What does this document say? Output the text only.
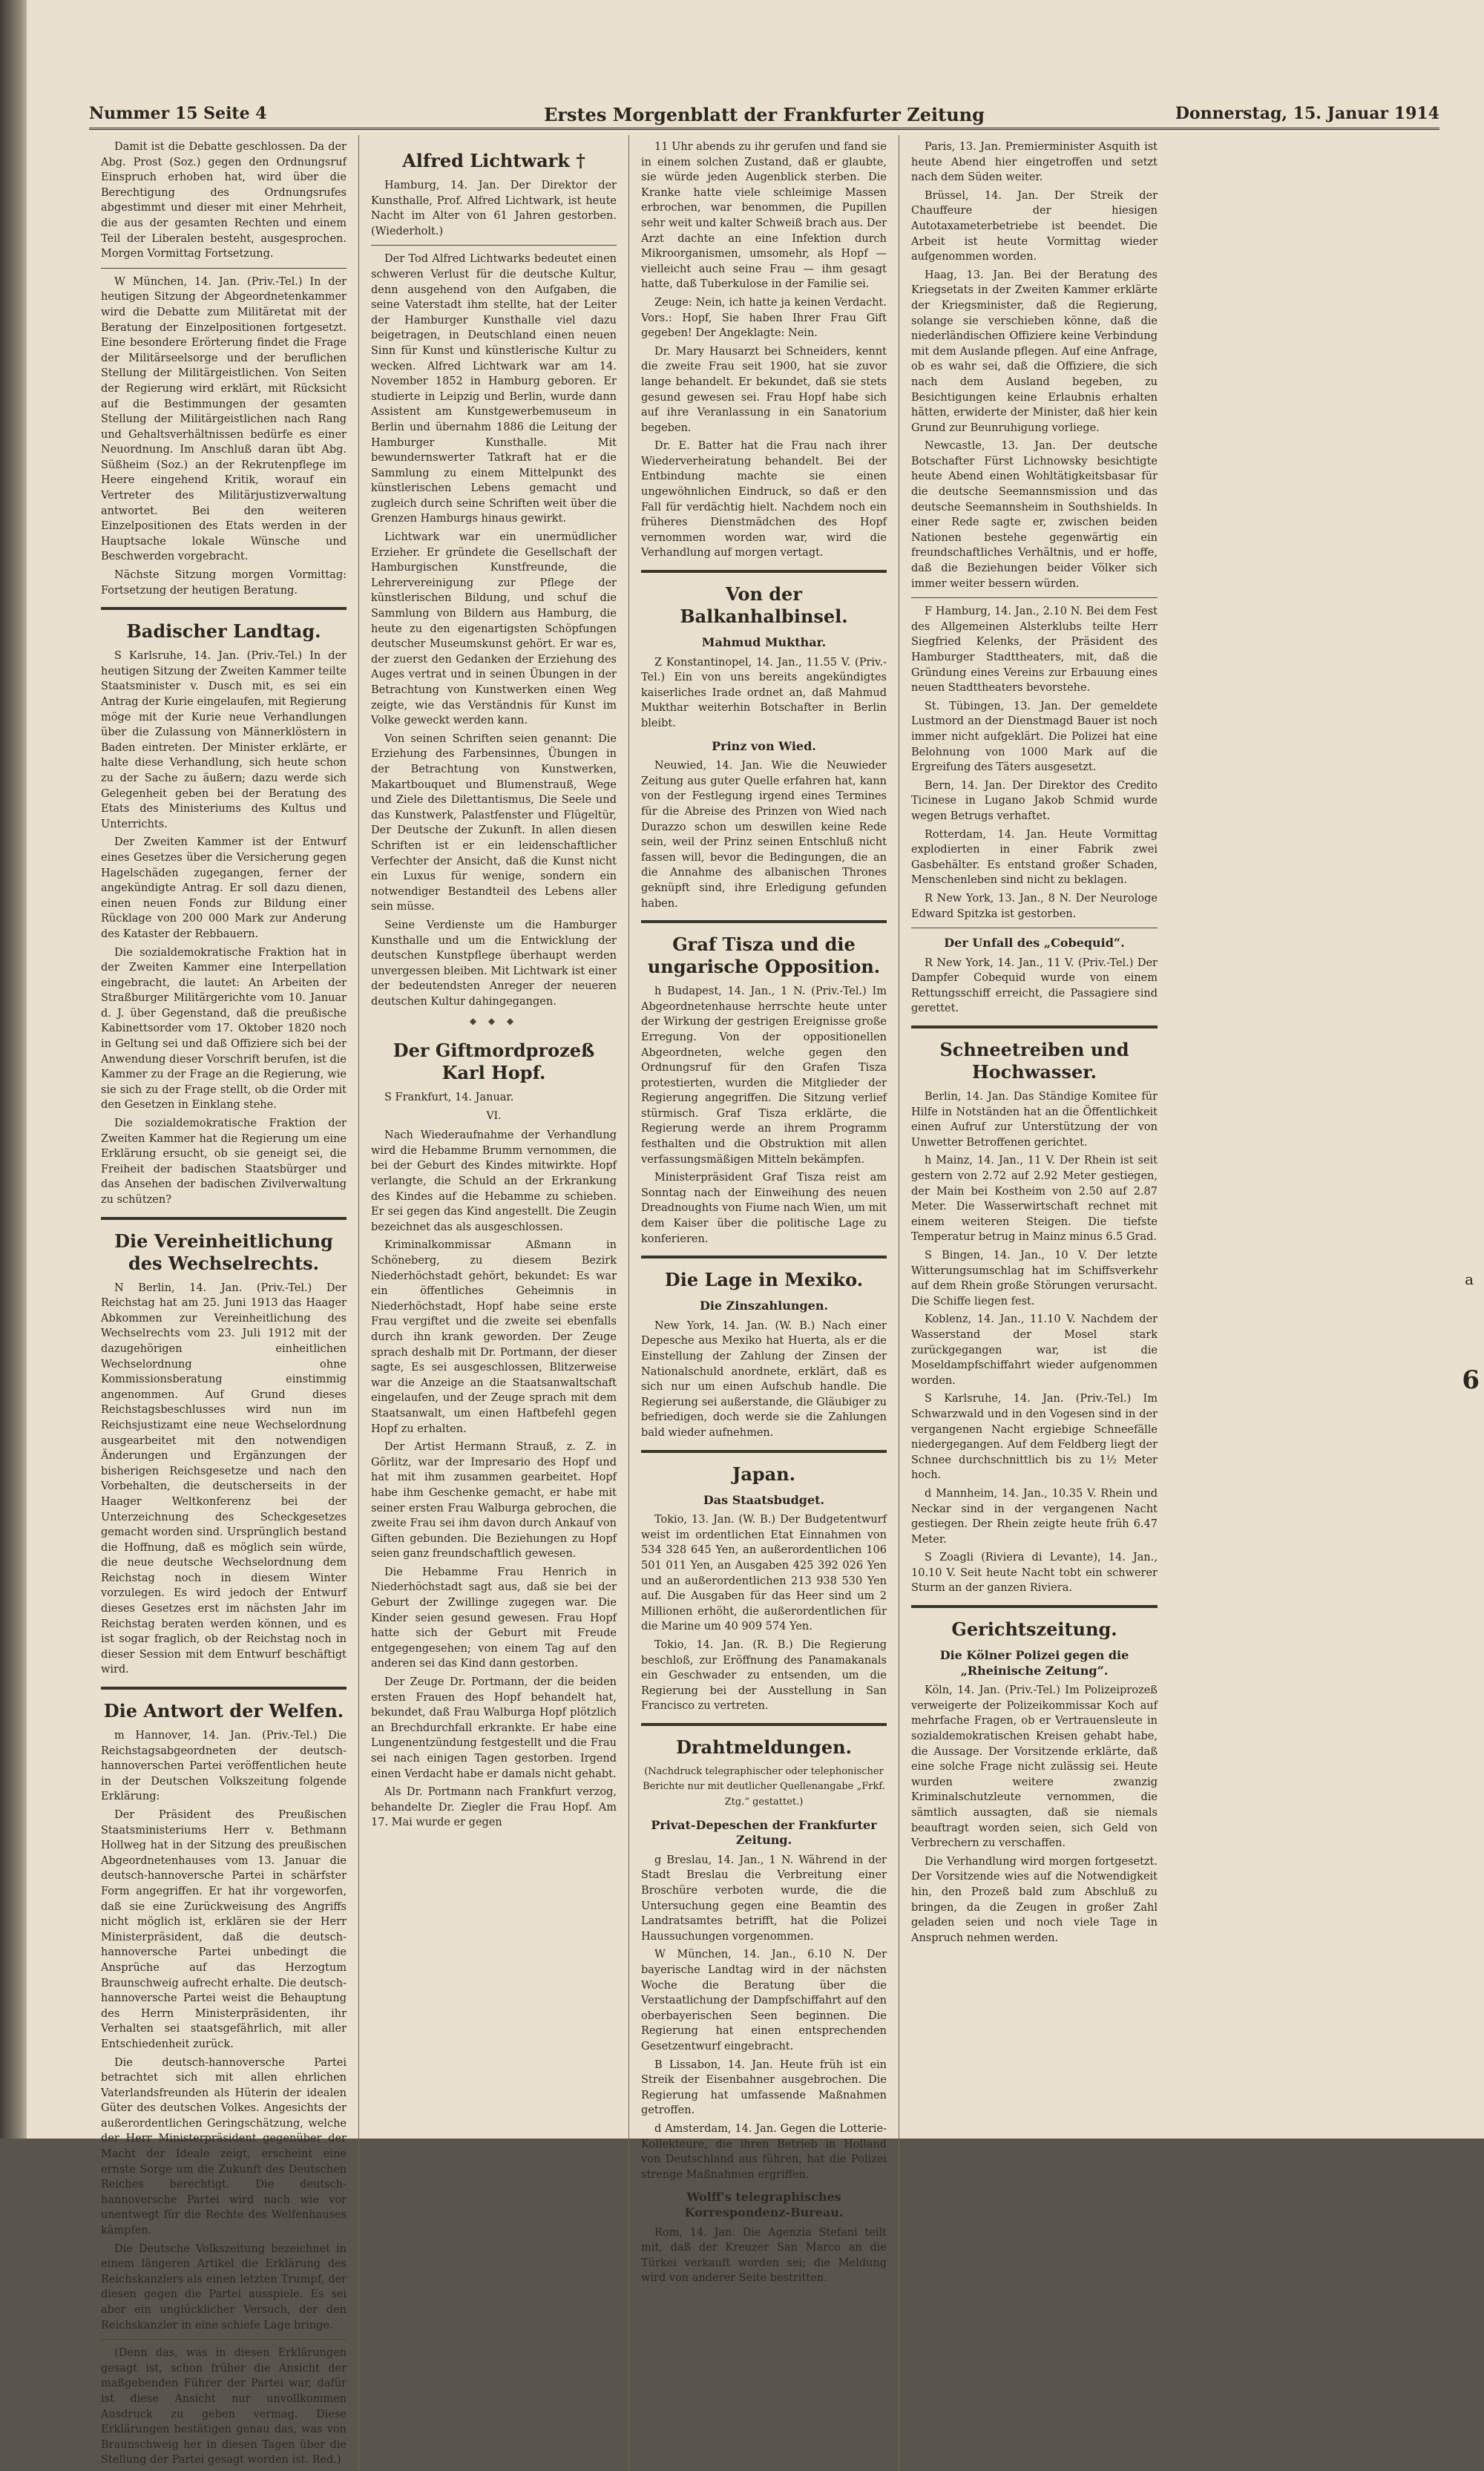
Nummer 15 Seite 4	Erstes Morgenblatt der Frankfurter Zeitung	Donnerstag, 15. Januar 1914

Damit ist die Debatte geschlossen. Da der Abg. Prost (Soz.) gegen den Ordnungsruf Einspruch erhoben hat, wird über die Berechtigung des Ordnungsrufes abgestimmt und dieser mit einer Mehrheit, die aus der gesamten Rechten und einem Teil der Liberalen besteht, ausgesprochen. Morgen Vormittag Fortsetzung.

W München, 14. Jan. (Priv.-Tel.) In der heutigen Sitzung der Abgeordnetenkammer wird die Debatte zum Militäretat mit der Beratung der Einzelpositionen fortgesetzt. Eine besondere Erörterung findet die Frage der Militärseelsorge und der beruflichen Stellung der Militärgeistlichen. Von Seiten der Regierung wird erklärt, mit Rücksicht auf die Bestimmungen der gesamten Stellung der Militärgeistlichen nach Rang und Gehaltsverhältnissen bedürfe es einer Neuordnung. Im Anschluß daran übt Abg. Süßheim (Soz.) an der Rekrutenpflege im Heere eingehend Kritik, worauf ein Vertreter des Militärjustizverwaltung antwortet. Bei den weiteren Einzelpositionen des Etats werden in der Hauptsache lokale Wünsche und Beschwerden vorgebracht.

Nächste Sitzung morgen Vormittag: Fortsetzung der heutigen Beratung.

Badischer Landtag.

S Karlsruhe, 14. Jan. (Priv.-Tel.) In der heutigen Sitzung der Zweiten Kammer teilte Staatsminister v. Dusch mit, es sei ein Antrag der Kurie eingelaufen, mit Regierung möge mit der Kurie neue Verhandlungen über die Zulassung von Männerklöstern in Baden eintreten. Der Minister erklärte, er halte diese Verhandlung, sich heute schon zu der Sache zu äußern; dazu werde sich Gelegenheit geben bei der Beratung des Etats des Ministeriums des Kultus und Unterrichts.

Der Zweiten Kammer ist der Entwurf eines Gesetzes über die Versicherung gegen Hagelschäden zugegangen, ferner der angekündigte Antrag. Er soll dazu dienen, einen neuen Fonds zur Bildung einer Rücklage von 200 000 Mark zur Anderung des Kataster der Rebbauern.

Die sozialdemokratische Fraktion hat in der Zweiten Kammer eine Interpellation eingebracht, die lautet: An Arbeiten der Straßburger Militärgerichte vom 10. Januar d. J. über Gegenstand, daß die preußische Kabinettsorder vom 17. Oktober 1820 noch in Geltung sei und daß Offiziere sich bei der Anwendung dieser Vorschrift berufen, ist die Kammer zu der Frage an die Regierung, wie sie sich zu der Frage stellt, ob die Order mit den Gesetzen in Einklang stehe.

Die sozialdemokratische Fraktion der Zweiten Kammer hat die Regierung um eine Erklärung ersucht, ob sie geneigt sei, die Freiheit der badischen Staatsbürger und das Ansehen der badischen Zivilverwaltung zu schützen?

Die Vereinheitlichung des Wechselrechts.

N Berlin, 14. Jan. (Priv.-Tel.) Der Reichstag hat am 25. Juni 1913 das Haager Abkommen zur Vereinheitlichung des Wechselrechts vom 23. Juli 1912 mit der dazugehörigen einheitlichen Wechselordnung ohne Kommissionsberatung einstimmig angenommen. Auf Grund dieses Reichstagsbeschlusses wird nun im Reichsjustizamt eine neue Wechselordnung ausgearbeitet mit den notwendigen Änderungen und Ergänzungen der bisherigen Reichsgesetze und nach den Vorbehalten, die deutscherseits in der Haager Weltkonferenz bei der Unterzeichnung des Scheckgesetzes gemacht worden sind. Ursprünglich bestand die Hoffnung, daß es möglich sein würde, die neue deutsche Wechselordnung dem Reichstag noch in diesem Winter vorzulegen. Es wird jedoch der Entwurf dieses Gesetzes erst im nächsten Jahr im Reichstag beraten werden können, und es ist sogar fraglich, ob der Reichstag noch in dieser Session mit dem Entwurf beschäftigt wird.

Die Antwort der Welfen.

m Hannover, 14. Jan. (Priv.-Tel.) Die Reichstagsabgeordneten der deutsch-hannoverschen Partei veröffentlichen heute in der Deutschen Volkszeitung folgende Erklärung:

Der Präsident des Preußischen Staatsministeriums Herr v. Bethmann Hollweg hat in der Sitzung des preußischen Abgeordnetenhauses vom 13. Januar die deutsch-hannoversche Partei in schärfster Form angegriffen. Er hat ihr vorgeworfen, daß sie eine Zurückweisung des Angriffs nicht möglich ist, erklären sie der Herr Ministerpräsident, daß die deutsch-hannoversche Partei unbedingt die Ansprüche auf das Herzogtum Braunschweig aufrecht erhalte. Die deutsch-hannoversche Partei weist die Behauptung des Herrn Ministerpräsidenten, ihr Verhalten sei staatsgefährlich, mit aller Entschiedenheit zurück.

Die deutsch-hannoversche Partei betrachtet sich mit allen ehrlichen Vaterlandsfreunden als Hüterin der idealen Güter des deutschen Volkes. Angesichts der außerordentlichen Geringschätzung, welche der Herr Ministerpräsident gegenüber der Macht der Ideale zeigt, erscheint eine ernste Sorge um die Zukunft des Deutschen Reiches berechtigt. Die deutsch-hannoversche Partei wird nach wie vor unentwegt für die Rechte des Welfenhauses kämpfen.

Die Deutsche Volkszeitung bezeichnet in einem längeren Artikel die Erklärung des Reichskanzlers als einen letzten Trumpf, der diesen gegen die Partei ausspiele. Es sei aber ein unglücklicher Versuch, der den Reichskanzler in eine schiefe Lage bringe.

(Denn das, was in diesen Erklärungen gesagt ist, schon früher die Ansicht der maßgebenden Führer der Partei war, dafür ist diese Ansicht nur unvollkommen Ausdruck zu geben vermag. Diese Erklärungen bestätigen genau das, was von Braunschweig her in diesen Tagen über die Stellung der Partei gesagt worden ist. Red.)

Alfred Lichtwark †

Hamburg, 14. Jan. Der Direktor der Kunsthalle, Prof. Alfred Lichtwark, ist heute Nacht im Alter von 61 Jahren gestorben. (Wiederholt.)

Der Tod Alfred Lichtwarks bedeutet einen schweren Verlust für die deutsche Kultur, denn ausgehend von den Aufgaben, die seine Vaterstadt ihm stellte, hat der Leiter der Hamburger Kunsthalle viel dazu beigetragen, in Deutschland einen neuen Sinn für Kunst und künstlerische Kultur zu wecken. Alfred Lichtwark war am 14. November 1852 in Hamburg geboren. Er studierte in Leipzig und Berlin, wurde dann Assistent am Kunstgewerbemuseum in Berlin und übernahm 1886 die Leitung der Hamburger Kunsthalle. Mit bewundernswerter Tatkraft hat er die Sammlung zu einem Mittelpunkt des künstlerischen Lebens gemacht und zugleich durch seine Schriften weit über die Grenzen Hamburgs hinaus gewirkt.

Lichtwark war ein unermüdlicher Erzieher. Er gründete die Gesellschaft der Hamburgischen Kunstfreunde, die Lehrervereinigung zur Pflege der künstlerischen Bildung, und schuf die Sammlung von Bildern aus Hamburg, die heute zu den eigenartigsten Schöpfungen deutscher Museumskunst gehört. Er war es, der zuerst den Gedanken der Erziehung des Auges vertrat und in seinen Übungen in der Betrachtung von Kunstwerken einen Weg zeigte, wie das Verständnis für Kunst im Volke geweckt werden kann.

Von seinen Schriften seien genannt: Die Erziehung des Farbensinnes, Übungen in der Betrachtung von Kunstwerken, Makartbouquet und Blumenstrauß, Wege und Ziele des Dilettantismus, Die Seele und das Kunstwerk, Palastfenster und Flügeltür, Der Deutsche der Zukunft. In allen diesen Schriften ist er ein leidenschaftlicher Verfechter der Ansicht, daß die Kunst nicht ein Luxus für wenige, sondern ein notwendiger Bestandteil des Lebens aller sein müsse.

Seine Verdienste um die Hamburger Kunsthalle und um die Entwicklung der deutschen Kunstpflege überhaupt werden unvergessen bleiben. Mit Lichtwark ist einer der bedeutendsten Anreger der neueren deutschen Kultur dahingegangen.

◆ ◆ ◆
Der Giftmordprozeß Karl Hopf.

S Frankfurt, 14. Januar.

VI.

Nach Wiederaufnahme der Verhandlung wird die Hebamme Brumm vernommen, die bei der Geburt des Kindes mitwirkte. Hopf verlangte, die Schuld an der Erkrankung des Kindes auf die Hebamme zu schieben. Er sei gegen das Kind angestellt. Die Zeugin bezeichnet das als ausgeschlossen.

Kriminalkommissar Aßmann in Schöneberg, zu diesem Bezirk Niederhöchstadt gehört, bekundet: Es war ein öffentliches Geheimnis in Niederhöchstadt, Hopf habe seine erste Frau vergiftet und die zweite sei ebenfalls durch ihn krank geworden. Der Zeuge sprach deshalb mit Dr. Portmann, der dieser sagte, Es sei ausgeschlossen, Blitzerweise war die Anzeige an die Staatsanwaltschaft eingelaufen, und der Zeuge sprach mit dem Staatsanwalt, um einen Haftbefehl gegen Hopf zu erhalten.

Der Artist Hermann Strauß, z. Z. in Görlitz, war der Impresario des Hopf und hat mit ihm zusammen gearbeitet. Hopf habe ihm Geschenke gemacht, er habe mit seiner ersten Frau Walburga gebrochen, die zweite Frau sei ihm davon durch Ankauf von Giften gebunden. Die Beziehungen zu Hopf seien ganz freundschaftlich gewesen.

Die Hebamme Frau Henrich in Niederhöchstadt sagt aus, daß sie bei der Geburt der Zwillinge zugegen war. Die Kinder seien gesund gewesen. Frau Hopf hatte sich der Geburt mit Freude entgegengesehen; von einem Tag auf den anderen sei das Kind dann gestorben.

Der Zeuge Dr. Portmann, der die beiden ersten Frauen des Hopf behandelt hat, bekundet, daß Frau Walburga Hopf plötzlich an Brechdurchfall erkrankte. Er habe eine Lungenentzündung festgestellt und die Frau sei nach einigen Tagen gestorben. Irgend einen Verdacht habe er damals nicht gehabt.

Als Dr. Portmann nach Frankfurt verzog, behandelte Dr. Ziegler die Frau Hopf. Am 17. Mai wurde er gegen

11 Uhr abends zu ihr gerufen und fand sie in einem solchen Zustand, daß er glaubte, sie würde jeden Augenblick sterben. Die Kranke hatte viele schleimige Massen erbrochen, war benommen, die Pupillen sehr weit und kalter Schweiß brach aus. Der Arzt dachte an eine Infektion durch Mikroorganismen, umsomehr, als Hopf — vielleicht auch seine Frau — ihm gesagt hatte, daß Tuberkulose in der Familie sei.

Zeuge: Nein, ich hatte ja keinen Verdacht. Vors.: Hopf, Sie haben Ihrer Frau Gift gegeben! Der Angeklagte: Nein.

Dr. Mary Hausarzt bei Schneiders, kennt die zweite Frau seit 1900, hat sie zuvor lange behandelt. Er bekundet, daß sie stets gesund gewesen sei. Frau Hopf habe sich auf ihre Veranlassung in ein Sanatorium begeben.

Dr. E. Batter hat die Frau nach ihrer Wiederverheiratung behandelt. Bei der Entbindung machte sie einen ungewöhnlichen Eindruck, so daß er den Fall für verdächtig hielt. Nachdem noch ein früheres Dienstmädchen des Hopf vernommen worden war, wird die Verhandlung auf morgen vertagt.

Von der Balkanhalbinsel.
Mahmud Mukthar.

Z Konstantinopel, 14. Jan., 11.55 V. (Priv.-Tel.) Ein von uns bereits angekündigtes kaiserliches Irade ordnet an, daß Mahmud Mukthar weiterhin Botschafter in Berlin bleibt.

Prinz von Wied.

Neuwied, 14. Jan. Wie die Neuwieder Zeitung aus guter Quelle erfahren hat, kann von der Festlegung irgend eines Termines für die Abreise des Prinzen von Wied nach Durazzo schon um deswillen keine Rede sein, weil der Prinz seinen Entschluß nicht fassen will, bevor die Bedingungen, die an die Annahme des albanischen Thrones geknüpft sind, ihre Erledigung gefunden haben.

Graf Tisza und die ungarische Opposition.

h Budapest, 14. Jan., 1 N. (Priv.-Tel.) Im Abgeordnetenhause herrschte heute unter der Wirkung der gestrigen Ereignisse große Erregung. Von der oppositionellen Abgeordneten, welche gegen den Ordnungsruf für den Grafen Tisza protestierten, wurden die Mitglieder der Regierung angegriffen. Die Sitzung verlief stürmisch. Graf Tisza erklärte, die Regierung werde an ihrem Programm festhalten und die Obstruktion mit allen verfassungsmäßigen Mitteln bekämpfen.

Ministerpräsident Graf Tisza reist am Sonntag nach der Einweihung des neuen Dreadnoughts von Fiume nach Wien, um mit dem Kaiser über die politische Lage zu konferieren.

Die Lage in Mexiko.
Die Zinszahlungen.

New York, 14. Jan. (W. B.) Nach einer Depesche aus Mexiko hat Huerta, als er die Einstellung der Zahlung der Zinsen der Nationalschuld anordnete, erklärt, daß es sich nur um einen Aufschub handle. Die Regierung sei außerstande, die Gläubiger zu befriedigen, doch werde sie die Zahlungen bald wieder aufnehmen.

Japan.
Das Staatsbudget.

Tokio, 13. Jan. (W. B.) Der Budgetentwurf weist im ordentlichen Etat Einnahmen von 534 328 645 Yen, an außerordentlichen 106 501 011 Yen, an Ausgaben 425 392 026 Yen und an außerordentlichen 213 938 530 Yen auf. Die Ausgaben für das Heer sind um 2 Millionen erhöht, die außerordentlichen für die Marine um 40 909 574 Yen.

Tokio, 14. Jan. (R. B.) Die Regierung beschloß, zur Eröffnung des Panamakanals ein Geschwader zu entsenden, um die Regierung bei der Ausstellung in San Francisco zu vertreten.

Drahtmeldungen.
(Nachdruck telegraphischer oder telephonischer Berichte nur mit deutlicher Quellenangabe „Frkf. Ztg.“ gestattet.)
Privat-Depeschen der Frankfurter Zeitung.

g Breslau, 14. Jan., 1 N. Während in der Stadt Breslau die Verbreitung einer Broschüre verboten wurde, die die Untersuchung gegen eine Beamtin des Landratsamtes betrifft, hat die Polizei Haussuchungen vorgenommen.

W München, 14. Jan., 6.10 N. Der bayerische Landtag wird in der nächsten Woche die Beratung über die Verstaatlichung der Dampfschiffahrt auf den oberbayerischen Seen beginnen. Die Regierung hat einen entsprechenden Gesetzentwurf eingebracht.

B Lissabon, 14. Jan. Heute früh ist ein Streik der Eisenbahner ausgebrochen. Die Regierung hat umfassende Maßnahmen getroffen.

d Amsterdam, 14. Jan. Gegen die Lotterie-Kollekteure, die ihren Betrieb in Holland von Deutschland aus führen, hat die Polizei strenge Maßnahmen ergriffen.

Wolff's telegraphisches Korrespondenz-Bureau.

Rom, 14. Jan. Die Agenzia Stefani teilt mit, daß der Kreuzer San Marco an die Türkei verkauft worden sei; die Meldung wird von anderer Seite bestritten.

Paris, 13. Jan. Premierminister Asquith ist heute Abend hier eingetroffen und setzt nach dem Süden weiter.

Brüssel, 14. Jan. Der Streik der Chauffeure der hiesigen Autotaxameterbetriebe ist beendet. Die Arbeit ist heute Vormittag wieder aufgenommen worden.

Haag, 13. Jan. Bei der Beratung des Kriegsetats in der Zweiten Kammer erklärte der Kriegsminister, daß die Regierung, solange sie verschieben könne, daß die niederländischen Offiziere keine Verbindung mit dem Auslande pflegen. Auf eine Anfrage, ob es wahr sei, daß die Offiziere, die sich nach dem Ausland begeben, zu Besichtigungen keine Erlaubnis erhalten hätten, erwiderte der Minister, daß hier kein Grund zur Beunruhigung vorliege.

Newcastle, 13. Jan. Der deutsche Botschafter Fürst Lichnowsky besichtigte heute Abend einen Wohltätigkeitsbasar für die deutsche Seemannsmission und das deutsche Seemannsheim in Southshields. In einer Rede sagte er, zwischen beiden Nationen bestehe gegenwärtig ein freundschaftliches Verhältnis, und er hoffe, daß die Beziehungen beider Völker sich immer weiter bessern würden.

F Hamburg, 14. Jan., 2.10 N. Bei dem Fest des Allgemeinen Alsterklubs teilte Herr Siegfried Kelenks, der Präsident des Hamburger Stadttheaters, mit, daß die Gründung eines Vereins zur Erbauung eines neuen Stadttheaters bevorstehe.

St. Tübingen, 13. Jan. Der gemeldete Lustmord an der Dienstmagd Bauer ist noch immer nicht aufgeklärt. Die Polizei hat eine Belohnung von 1000 Mark auf die Ergreifung des Täters ausgesetzt.

Bern, 14. Jan. Der Direktor des Credito Ticinese in Lugano Jakob Schmid wurde wegen Betrugs verhaftet.

Rotterdam, 14. Jan. Heute Vormittag explodierten in einer Fabrik zwei Gasbehälter. Es entstand großer Schaden, Menschenleben sind nicht zu beklagen.

R New York, 13. Jan., 8 N. Der Neurologe Edward Spitzka ist gestorben.

Der Unfall des „Cobequid“.

R New York, 14. Jan., 11 V. (Priv.-Tel.) Der Dampfer Cobequid wurde von einem Rettungsschiff erreicht, die Passagiere sind gerettet.

Schneetreiben und Hochwasser.

Berlin, 14. Jan. Das Ständige Komitee für Hilfe in Notständen hat an die Öffentlichkeit einen Aufruf zur Unterstützung der von Unwetter Betroffenen gerichtet.

h Mainz, 14. Jan., 11 V. Der Rhein ist seit gestern von 2.72 auf 2.92 Meter gestiegen, der Main bei Kostheim von 2.50 auf 2.87 Meter. Die Wasserwirtschaft rechnet mit einem weiteren Steigen. Die tiefste Temperatur betrug in Mainz minus 6.5 Grad.

S Bingen, 14. Jan., 10 V. Der letzte Witterungsumschlag hat im Schiffsverkehr auf dem Rhein große Störungen verursacht. Die Schiffe liegen fest.

Koblenz, 14. Jan., 11.10 V. Nachdem der Wasserstand der Mosel stark zurückgegangen war, ist die Moseldampfschiffahrt wieder aufgenommen worden.

S Karlsruhe, 14. Jan. (Priv.-Tel.) Im Schwarzwald und in den Vogesen sind in der vergangenen Nacht ergiebige Schneefälle niedergegangen. Auf dem Feldberg liegt der Schnee durchschnittlich bis zu 1½ Meter hoch.

d Mannheim, 14. Jan., 10.35 V. Rhein und Neckar sind in der vergangenen Nacht gestiegen. Der Rhein zeigte heute früh 6.47 Meter.

S Zoagli (Riviera di Levante), 14. Jan., 10.10 V. Seit heute Nacht tobt ein schwerer Sturm an der ganzen Riviera.

Gerichtszeitung.
Die Kölner Polizei gegen die „Rheinische Zeitung“.

Köln, 14. Jan. (Priv.-Tel.) Im Polizeiprozeß verweigerte der Polizeikommissar Koch auf mehrfache Fragen, ob er Vertrauensleute in sozialdemokratischen Kreisen gehabt habe, die Aussage. Der Vorsitzende erklärte, daß eine solche Frage nicht zulässig sei. Heute wurden weitere zwanzig Kriminalschutzleute vernommen, die sämtlich aussagten, daß sie niemals beauftragt worden seien, sich Geld von Verbrechern zu verschaffen.

Die Verhandlung wird morgen fortgesetzt. Der Vorsitzende wies auf die Notwendigkeit hin, den Prozeß bald zum Abschluß zu bringen, da die Zeugen in großer Zahl geladen seien und noch viele Tage in Anspruch nehmen werden.

a
6
